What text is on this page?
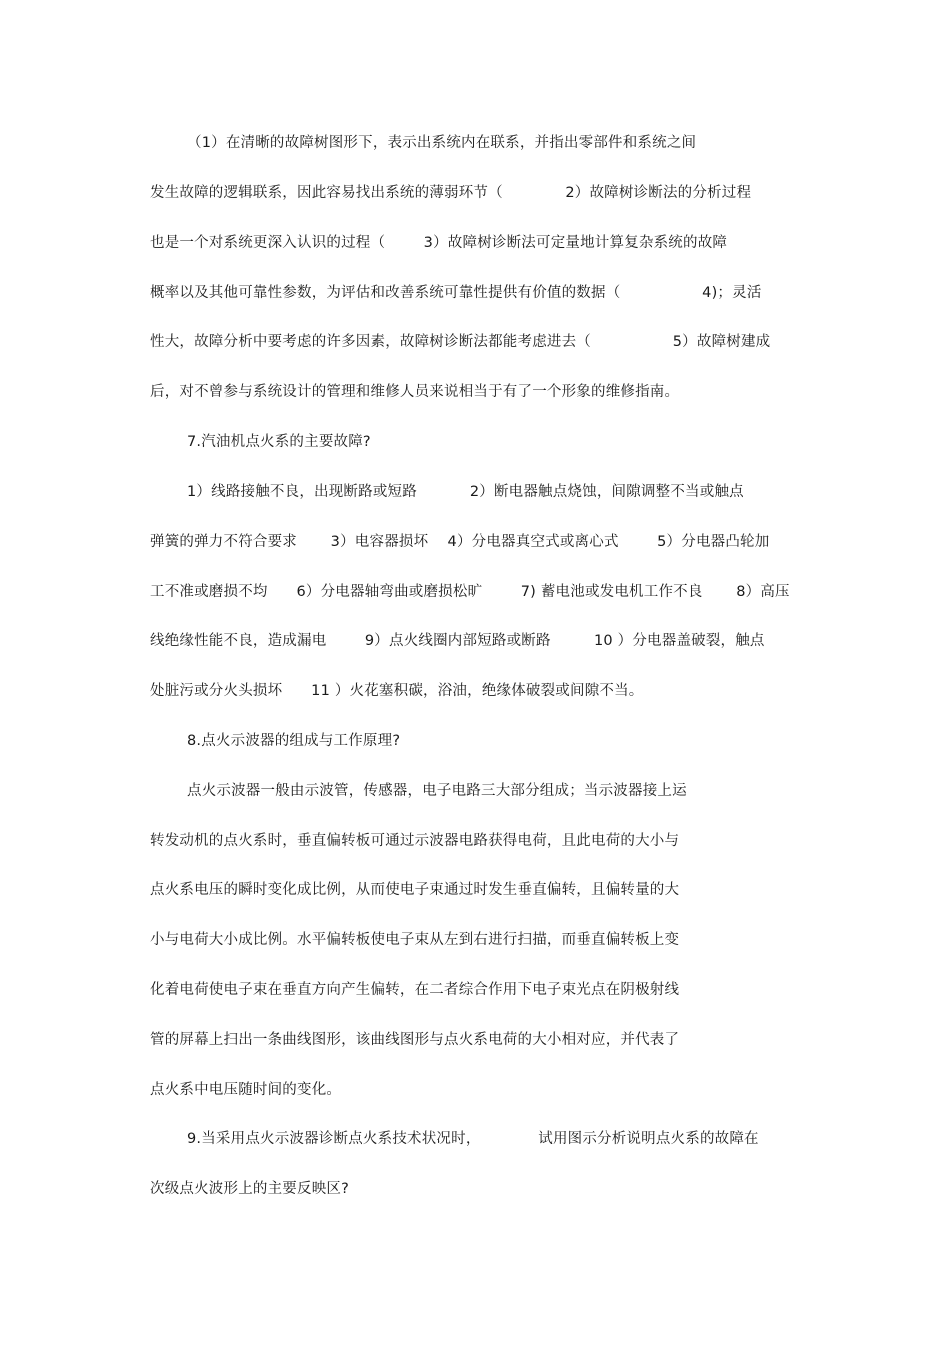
（1）在清晰的故障树图形下，表示出系统内在联系，并指出零部件和系统之间
发生故障的逻辑联系，因此容易找出系统的薄弱环节（             2）故障树诊断法的分析过程
也是一个对系统更深入认识的过程（        3）故障树诊断法可定量地计算复杂系统的故障
概率以及其他可靠性参数，为评估和改善系统可靠性提供有价值的数据（                 4)；灵活
性大，故障分析中要考虑的许多因素，故障树诊断法都能考虑进去（                 5）故障树建成
后，对不曾参与系统设计的管理和维修人员来说相当于有了一个形象的维修指南。
7.汽油机点火系的主要故障?
1）线路接触不良，出现断路或短路           2）断电器触点烧蚀，间隙调整不当或触点
弹簧的弹力不符合要求       3）电容器损坏    4）分电器真空式或离心式        5）分电器凸轮加
工不准或磨损不均      6）分电器轴弯曲或磨损松旷        7) 蓄电池或发电机工作不良       8）高压
线绝缘性能不良，造成漏电        9）点火线圈内部短路或断路         10 ）分电器盖破裂，触点
处脏污或分火头损坏      11 ）火花塞积碳，浴油，绝缘体破裂或间隙不当。
8.点火示波器的组成与工作原理?
点火示波器一般由示波管，传感器，电子电路三大部分组成；当示波器接上运
转发动机的点火系时，垂直偏转板可通过示波器电路获得电荷，且此电荷的大小与
点火系电压的瞬时变化成比例，从而使电子束通过时发生垂直偏转，且偏转量的大
小与电荷大小成比例。水平偏转板使电子束从左到右进行扫描，而垂直偏转板上变
化着电荷使电子束在垂直方向产生偏转，在二者综合作用下电子束光点在阴极射线
管的屏幕上扫出一条曲线图形，该曲线图形与点火系电荷的大小相对应，并代表了
点火系中电压随时间的变化。
9.当采用点火示波器诊断点火系技术状况时，            试用图示分析说明点火系的故障在
次级点火波形上的主要反映区?
